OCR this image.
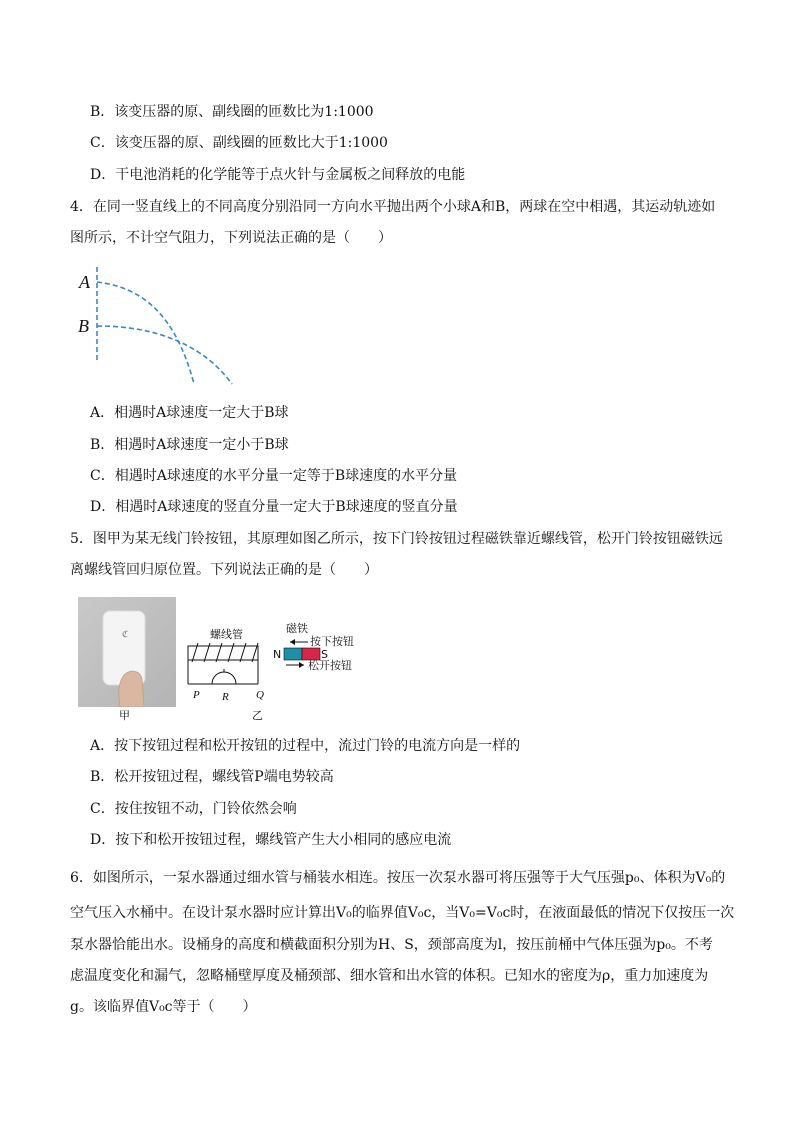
B．该变压器的原、副线圈的匝数比为1:1000
C．该变压器的原、副线圈的匝数比大于1:1000
D．干电池消耗的化学能等于点火针与金属板之间释放的电能
4．在同一竖直线上的不同高度分别沿同一方向水平抛出两个小球A和B，两球在空中相遇，其运动轨迹如
图所示，不计空气阻力，下列说法正确的是（　　）
A
B
A．相遇时A球速度一定大于B球
B．相遇时A球速度一定小于B球
C．相遇时A球速度的水平分量一定等于B球速度的水平分量
D．相遇时A球速度的竖直分量一定大于B球速度的竖直分量
5．图甲为某无线门铃按钮，其原理如图乙所示，按下门铃按钮过程磁铁靠近螺线管，松开门铃按钮磁铁远
离螺线管回归原位置。下列说法正确的是（　　）
ℭ
甲
螺线管
P R Q
N	S
磁铁
按下按钮
松开按钮
乙
A．按下按钮过程和松开按钮的过程中，流过门铃的电流方向是一样的
B．松开按钮过程，螺线管P端电势较高
C．按住按钮不动，门铃依然会响
D．按下和松开按钮过程，螺线管产生大小相同的感应电流
6．如图所示，一泵水器通过细水管与桶装水相连。按压一次泵水器可将压强等于大气压强p₀、体积为V₀的
空气压入水桶中。在设计泵水器时应计算出V₀的临界值V₀c，当V₀=V₀c时，在液面最低的情况下仅按压一次
泵水器恰能出水。设桶身的高度和横截面积分别为H、S，颈部高度为l，按压前桶中气体压强为p₀。不考
虑温度变化和漏气，忽略桶壁厚度及桶颈部、细水管和出水管的体积。已知水的密度为ρ，重力加速度为
g。该临界值V₀c等于（　　）
